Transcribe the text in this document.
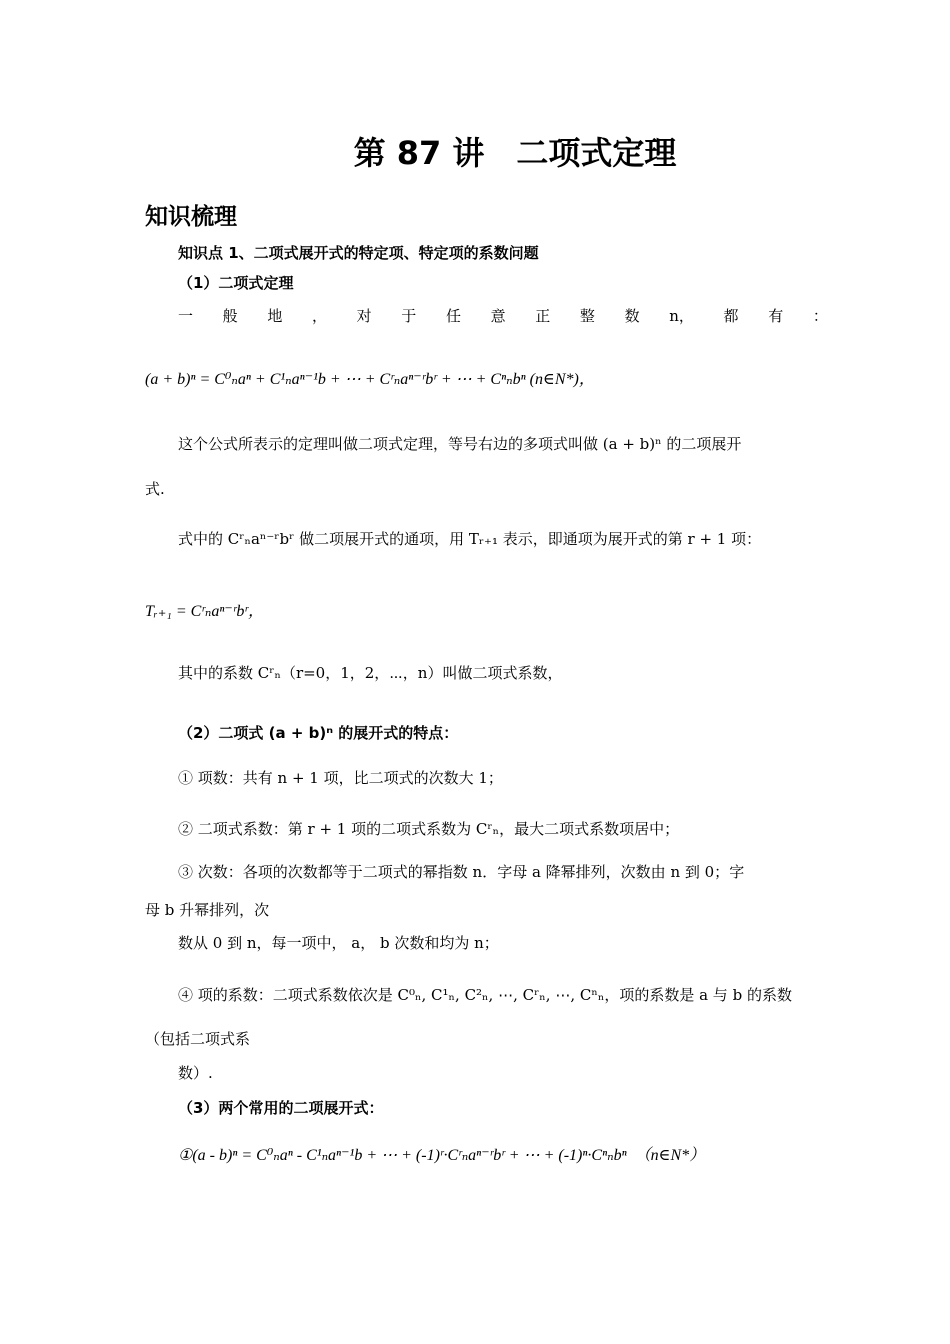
第 87 讲　二项式定理
知识梳理
知识点 1、二项式展开式的特定项、特定项的系数问题
（1）二项式定理
一 般 地 ， 对 于 任 意 正 整 数 n， 都 有 ：
(a + b)ⁿ = C⁰ₙaⁿ + C¹ₙaⁿ⁻¹b + ⋯ + Cʳₙaⁿ⁻ʳbʳ + ⋯ + Cⁿₙbⁿ (n∈N*)，
这个公式所表示的定理叫做二项式定理，等号右边的多项式叫做 (a + b)ⁿ 的二项展开
式.
式中的 Cʳₙaⁿ⁻ʳbʳ 做二项展开式的通项，用 Tᵣ₊₁ 表示，即通项为展开式的第 r + 1 项：
Tᵣ₊₁ = Cʳₙaⁿ⁻ʳbʳ，
其中的系数 Cʳₙ（r=0，1，2，⋯，n）叫做二项式系数，
（2）二项式 (a + b)ⁿ 的展开式的特点：
① 项数：共有 n + 1 项，比二项式的次数大 1；
② 二项式系数：第 r + 1 项的二项式系数为 Cʳₙ，最大二项式系数项居中；
③ 次数：各项的次数都等于二项式的幂指数 n．字母 a 降幂排列，次数由 n 到 0；字
母 b 升幂排列，次
数从 0 到 n，每一项中， a， b 次数和均为 n；
④ 项的系数：二项式系数依次是 C⁰ₙ, C¹ₙ, C²ₙ, ⋯, Cʳₙ, ⋯, Cⁿₙ，项的系数是 a 与 b 的系数
（包括二项式系
数）.
（3）两个常用的二项展开式：
①(a - b)ⁿ = C⁰ₙaⁿ - C¹ₙaⁿ⁻¹b + ⋯ + (-1)ʳ·Cʳₙaⁿ⁻ʳbʳ + ⋯ + (-1)ⁿ·Cⁿₙbⁿ　（n∈N*）
